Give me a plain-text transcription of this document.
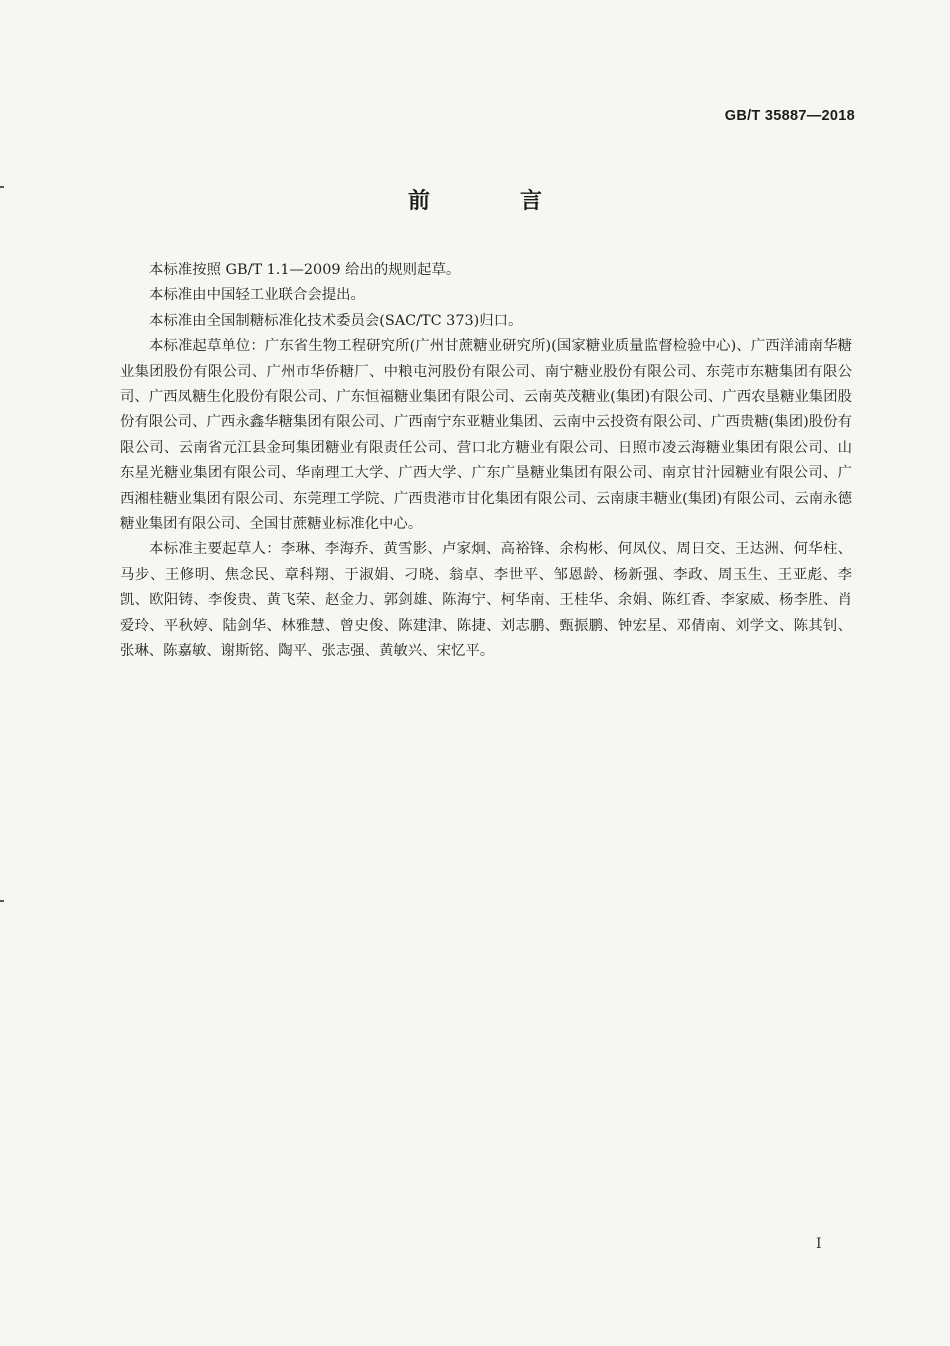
GB/T 35887—2018
前　言

本标准按照 GB/T 1.1—2009 给出的规则起草。

本标准由中国轻工业联合会提出。

本标准由全国制糖标准化技术委员会(SAC/TC 373)归口。

本标准起草单位：广东省生物工程研究所(广州甘蔗糖业研究所)(国家糖业质量监督检验中心)、广西洋浦南华糖业集团股份有限公司、广州市华侨糖厂、中粮屯河股份有限公司、南宁糖业股份有限公司、东莞市东糖集团有限公司、广西凤糖生化股份有限公司、广东恒福糖业集团有限公司、云南英茂糖业(集团)有限公司、广西农垦糖业集团股份有限公司、广西永鑫华糖集团有限公司、广西南宁东亚糖业集团、云南中云投资有限公司、广西贵糖(集团)股份有限公司、云南省元江县金珂集团糖业有限责任公司、营口北方糖业有限公司、日照市凌云海糖业集团有限公司、山东星光糖业集团有限公司、华南理工大学、广西大学、广东广垦糖业集团有限公司、南京甘汁园糖业有限公司、广西湘桂糖业集团有限公司、东莞理工学院、广西贵港市甘化集团有限公司、云南康丰糖业(集团)有限公司、云南永德糖业集团有限公司、全国甘蔗糖业标准化中心。

本标准主要起草人：李琳、李海乔、黄雪影、卢家炯、高裕锋、余构彬、何凤仪、周日交、王达洲、何华柱、马步、王修明、焦念民、章科翔、于淑娟、刁晓、翁卓、李世平、邹恩龄、杨新强、李政、周玉生、王亚彪、李凯、欧阳铸、李俊贵、黄飞荣、赵金力、郭剑雄、陈海宁、柯华南、王桂华、余娟、陈红香、李家威、杨李胜、肖爱玲、平秋婷、陆剑华、林雅慧、曾史俊、陈建津、陈捷、刘志鹏、甄振鹏、钟宏星、邓倩南、刘学文、陈其钊、张琳、陈嘉敏、谢斯铭、陶平、张志强、黄敏兴、宋忆平。

I
